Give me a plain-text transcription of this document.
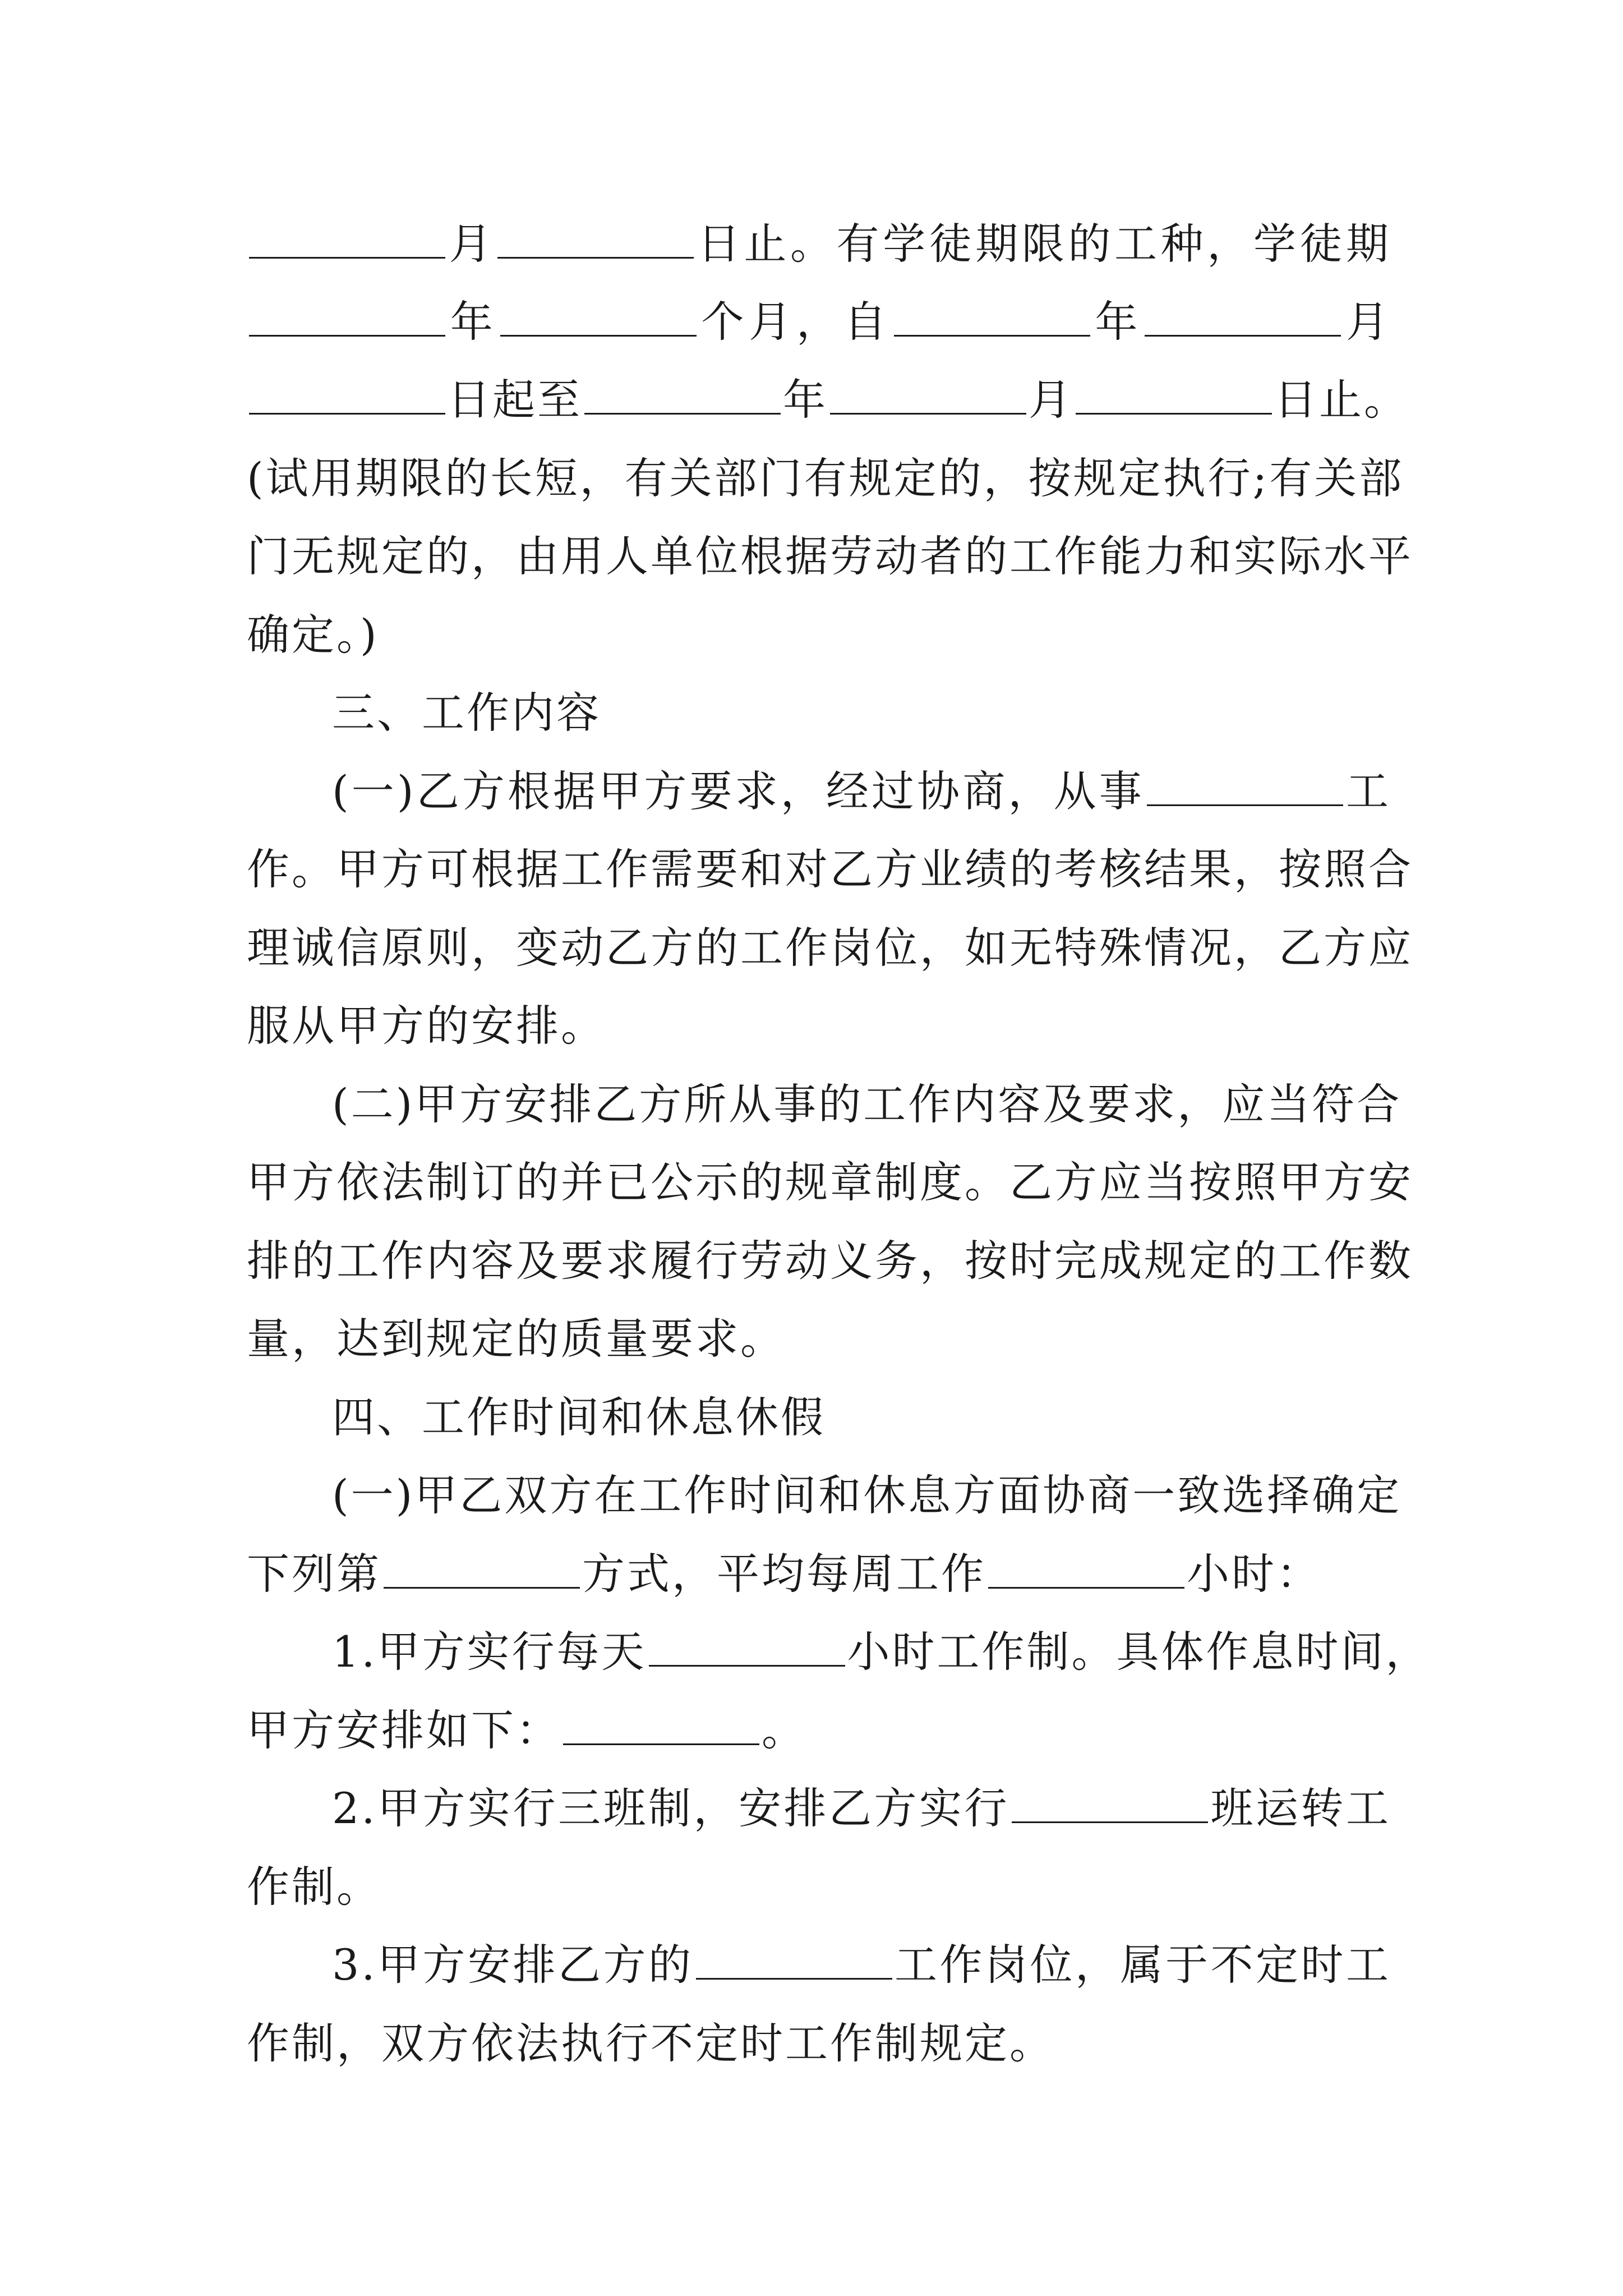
月	日止。有学徒期限的工种，学徒期
年	个月，自	年	月
日起至	年	月	日止。
(试用期限的长短，有关部门有规定的，按规定执行;有关部
门无规定的，由用人单位根据劳动者的工作能力和实际水平
确定。)
三、工作内容
(一)乙方根据甲方要求，经过协商，从事	工
作。甲方可根据工作需要和对乙方业绩的考核结果，按照合
理诚信原则，变动乙方的工作岗位，如无特殊情况，乙方应
服从甲方的安排。
(二)甲方安排乙方所从事的工作内容及要求，应当符合
甲方依法制订的并已公示的规章制度。乙方应当按照甲方安
排的工作内容及要求履行劳动义务，按时完成规定的工作数
量，达到规定的质量要求。
四、工作时间和休息休假
(一)甲乙双方在工作时间和休息方面协商一致选择确定
下列第	方式，平均每周工作	小时：
1.甲方实行每天	小时工作制。具体作息时间，
甲方安排如下：	。
2.甲方实行三班制，安排乙方实行	班运转工
作制。
3.甲方安排乙方的	工作岗位，属于不定时工
作制，双方依法执行不定时工作制规定。
